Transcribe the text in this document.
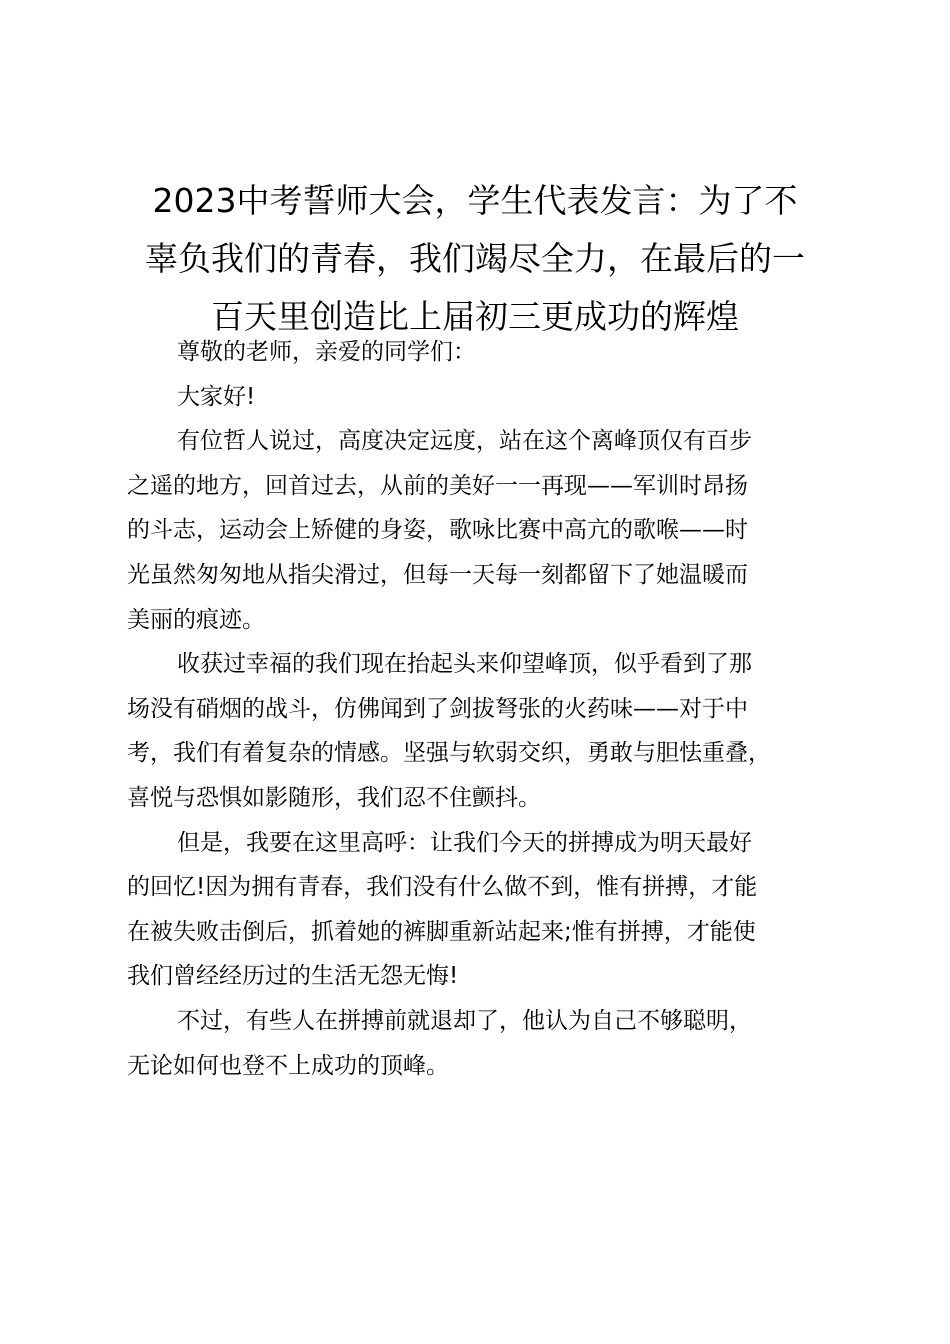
2023中考誓师大会，学生代表发言：为了不
辜负我们的青春，我们竭尽全力，在最后的一
百天里创造比上届初三更成功的辉煌

尊敬的老师，亲爱的同学们：

大家好!

有位哲人说过，高度决定远度，站在这个离峰顶仅有百步
之遥的地方，回首过去，从前的美好一一再现——军训时昂扬
的斗志，运动会上矫健的身姿，歌咏比赛中高亢的歌喉——时
光虽然匆匆地从指尖滑过，但每一天每一刻都留下了她温暖而
美丽的痕迹。

收获过幸福的我们现在抬起头来仰望峰顶，似乎看到了那
场没有硝烟的战斗，仿佛闻到了剑拔弩张的火药味——对于中
考，我们有着复杂的情感。坚强与软弱交织，勇敢与胆怯重叠，
喜悦与恐惧如影随形，我们忍不住颤抖。

但是，我要在这里高呼：让我们今天的拼搏成为明天最好
的回忆!因为拥有青春，我们没有什么做不到，惟有拼搏，才能
在被失败击倒后，抓着她的裤脚重新站起来;惟有拼搏，才能使
我们曾经经历过的生活无怨无悔!

不过，有些人在拼搏前就退却了，他认为自己不够聪明，
无论如何也登不上成功的顶峰。
